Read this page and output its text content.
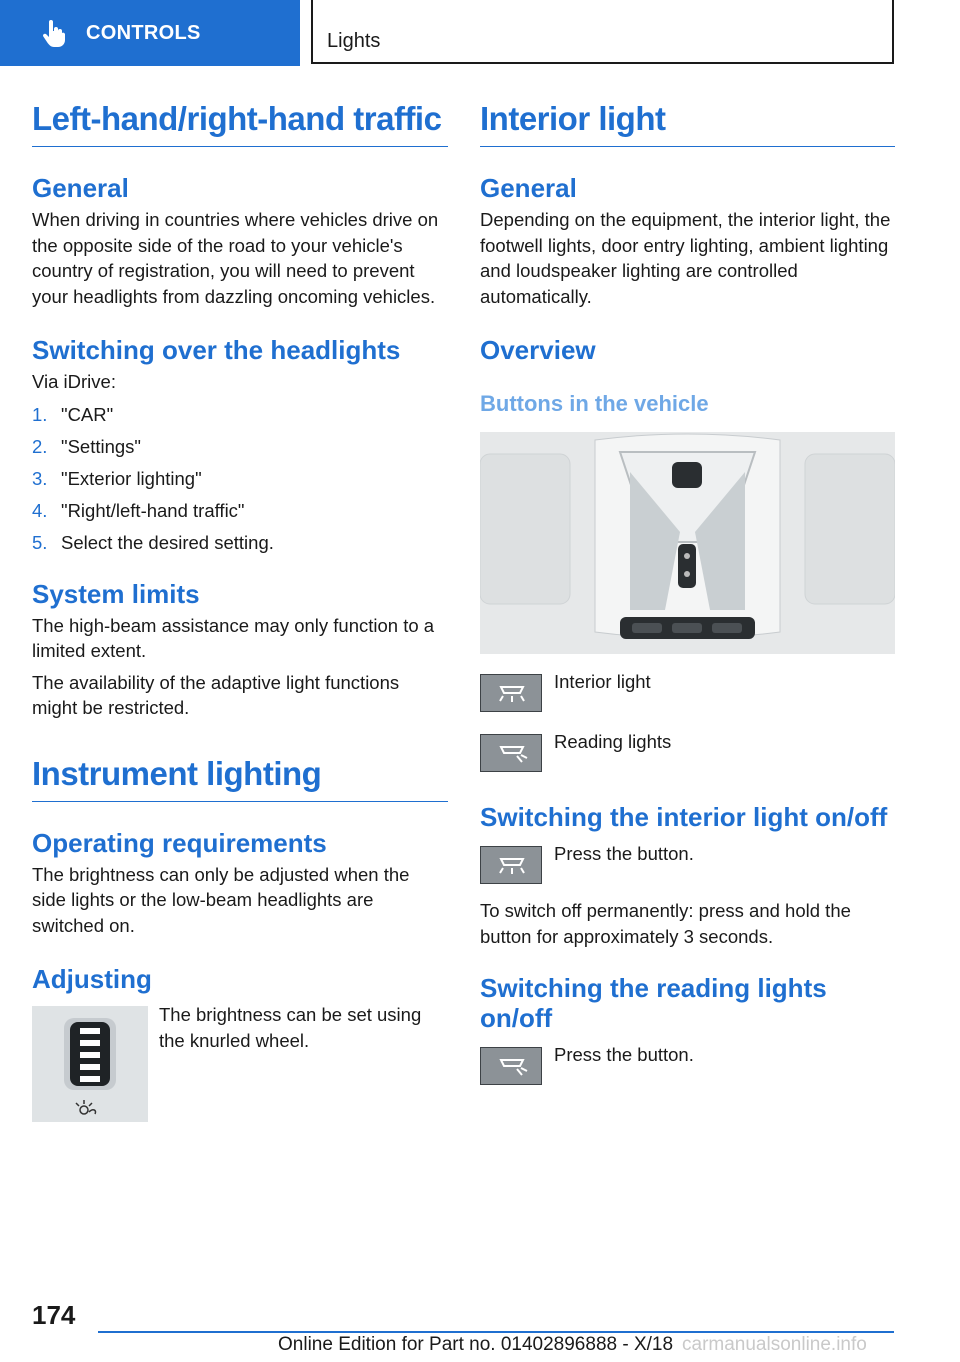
CONTROLS	Lights
Left-hand/right-hand traffic
General

When driving in countries where vehicles drive on the opposite side of the road to your vehicle's country of registration, you will need to prevent your headlights from dazzling oncoming vehicles.

Switching over the headlights

Via iDrive:

1. "CAR"
2. "Settings"
3. "Exterior lighting"
4. "Right/left-hand traffic"
5. Select the desired setting.
System limits

The high-beam assistance may only function to a limited extent.

The availability of the adaptive light functions might be restricted.

Instrument lighting
Operating requirements

The brightness can only be adjusted when the side lights or the low-beam headlights are switched on.

Adjusting

The brightness can be set using the knurled wheel.

Interior light
General

Depending on the equipment, the interior light, the footwell lights, door entry lighting, ambient lighting and loudspeaker lighting are controlled automatically.

Overview
Buttons in the vehicle

Interior light

Reading lights

Switching the interior light on/off

Press the button.

To switch off permanently: press and hold the button for approximately 3 seconds.

Switching the reading lights on/off

Press the button.

174
Online Edition for Part no. 01402896888 - X/18 carmanualsonline.info
